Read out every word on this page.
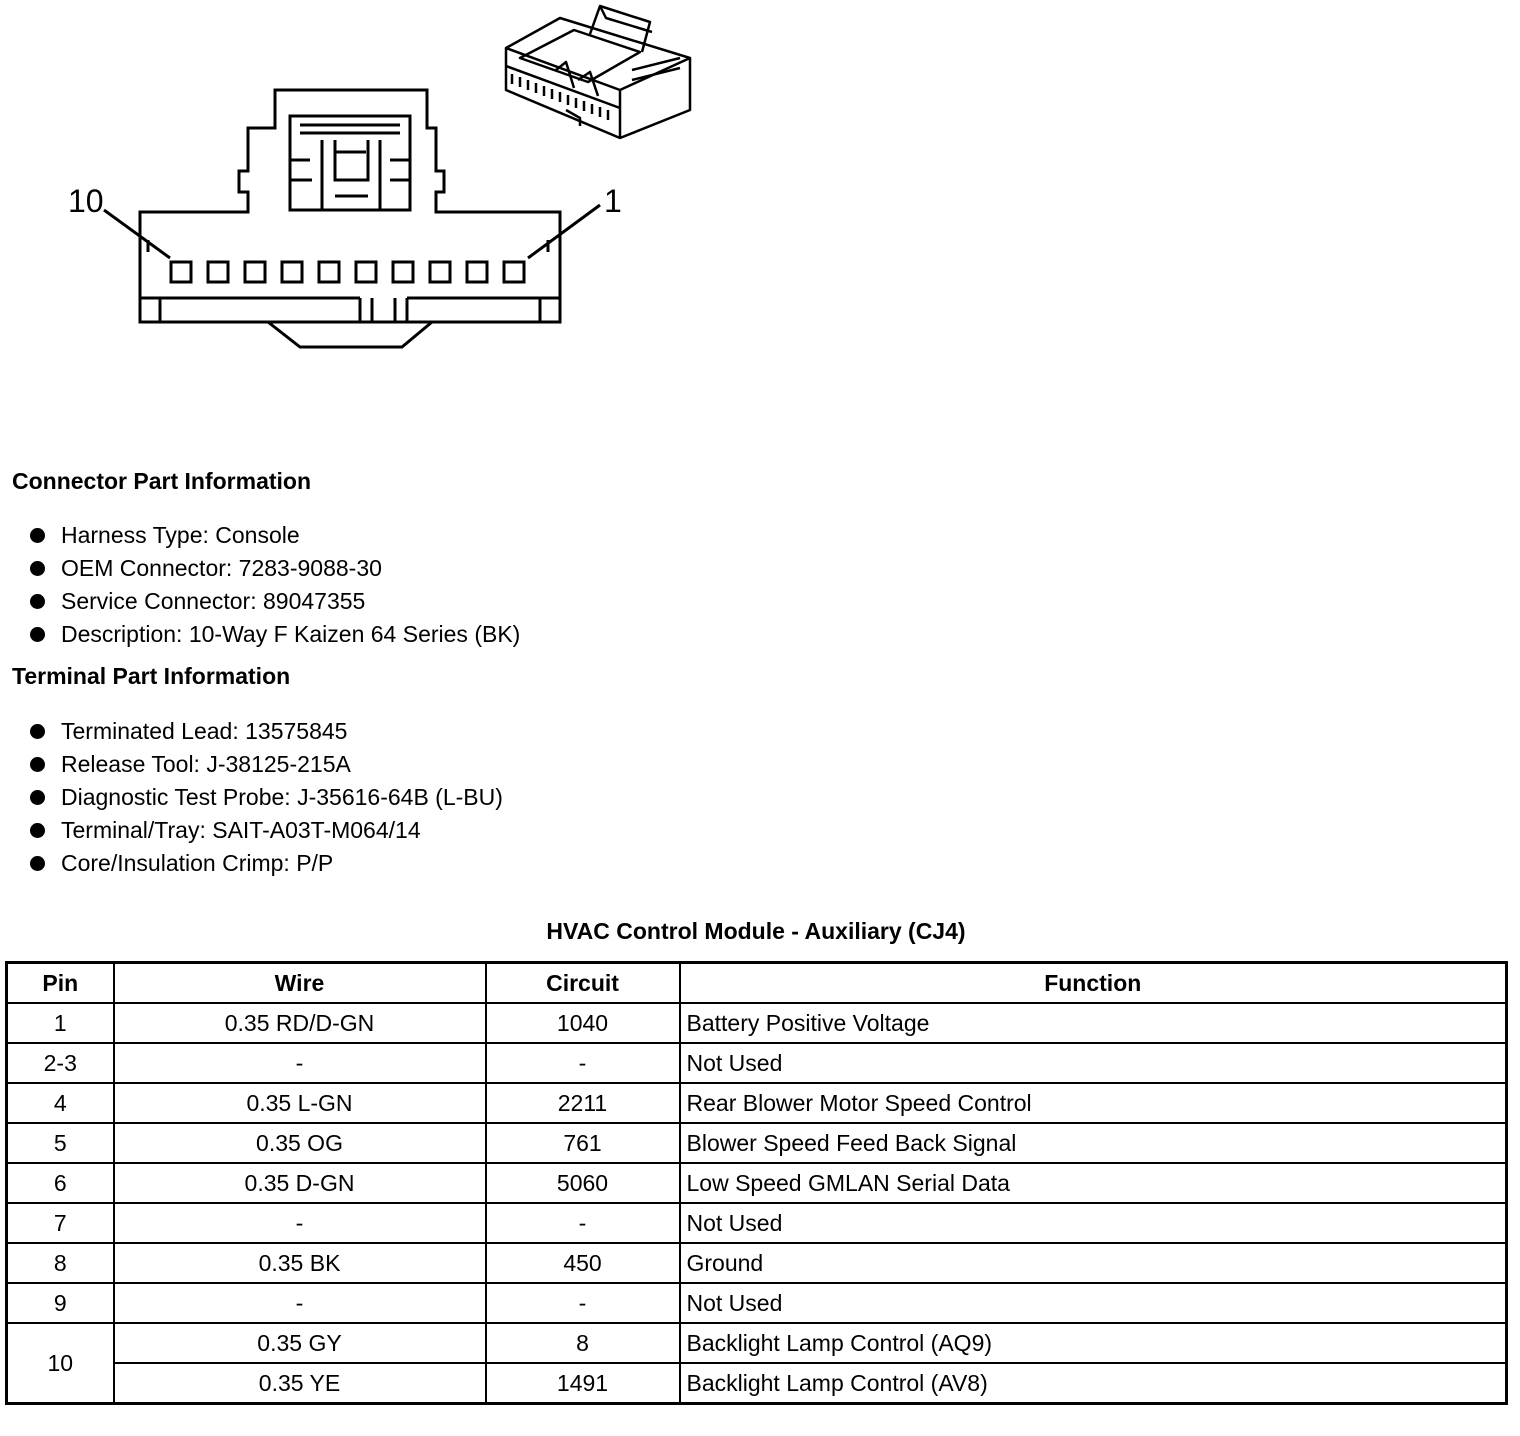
10	1
Connector Part Information
Harness Type: Console
OEM Connector: 7283-9088-30
Service Connector: 89047355
Description: 10-Way F Kaizen 64 Series (BK)
Terminal Part Information
Terminated Lead: 13575845
Release Tool: J-38125-215A
Diagnostic Test Probe: J-35616-64B (L-BU)
Terminal/Tray: SAIT-A03T-M064/14
Core/Insulation Crimp: P/P
HVAC Control Module - Auxiliary (CJ4)
Pin	Wire	Circuit	Function
1	0.35 RD/D-GN	1040	Battery Positive Voltage
2-3	-	-	Not Used
4	0.35 L-GN	2211	Rear Blower Motor Speed Control
5	0.35 OG	761	Blower Speed Feed Back Signal
6	0.35 D-GN	5060	Low Speed GMLAN Serial Data
7	-	-	Not Used
8	0.35 BK	450	Ground
9	-	-	Not Used
10	0.35 GY	8	Backlight Lamp Control (AQ9)
	0.35 YE	1491	Backlight Lamp Control (AV8)
